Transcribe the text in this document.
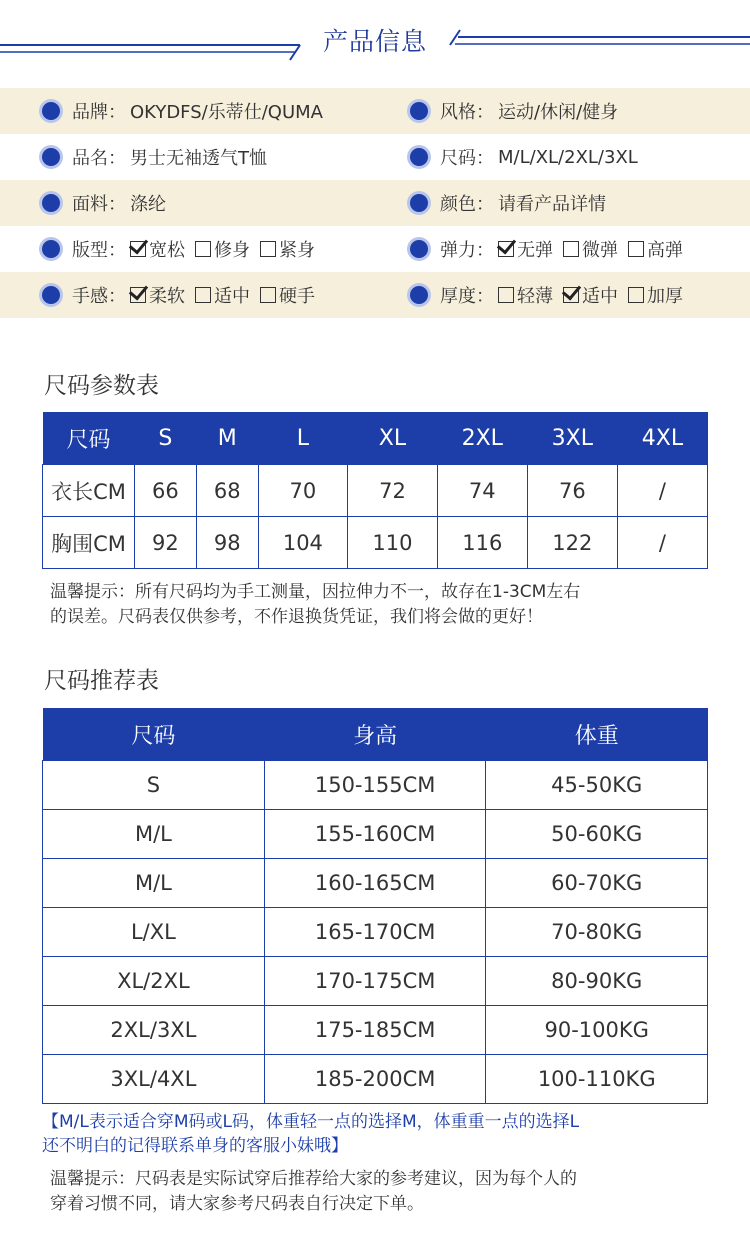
产品信息
品牌： OKYDFS/乐蒂仕/QUMA	风格： 运动/休闲/健身
品名： 男士无袖透气T恤	尺码： M/L/XL/2XL/3XL
面料： 涤纶	颜色： 请看产品详情
版型： 宽松 修身 紧身	弹力： 无弹 微弹 高弹
手感： 柔软 适中 硬手	厚度： 轻薄 适中 加厚
尺码参数表
尺码	S	M	L	XL	2XL	3XL	4XL
衣长CM	66	68	70	72	74	76	/
胸围CM	92	98	104	110	116	122	/
温馨提示：所有尺码均为手工测量，因拉伸力不一，故存在1-3CM左右
的误差。尺码表仅供参考，不作退换货凭证，我们将会做的更好！
尺码推荐表
尺码	身高	体重
S	150-155CM	45-50KG
M/L	155-160CM	50-60KG
M/L	160-165CM	60-70KG
L/XL	165-170CM	70-80KG
XL/2XL	170-175CM	80-90KG
2XL/3XL	175-185CM	90-100KG
3XL/4XL	185-200CM	100-110KG
【M/L表示适合穿M码或L码，体重轻一点的选择M，体重重一点的选择L
还不明白的记得联系单身的客服小妹哦】
温馨提示：尺码表是实际试穿后推荐给大家的参考建议，因为每个人的
穿着习惯不同，请大家参考尺码表自行决定下单。
